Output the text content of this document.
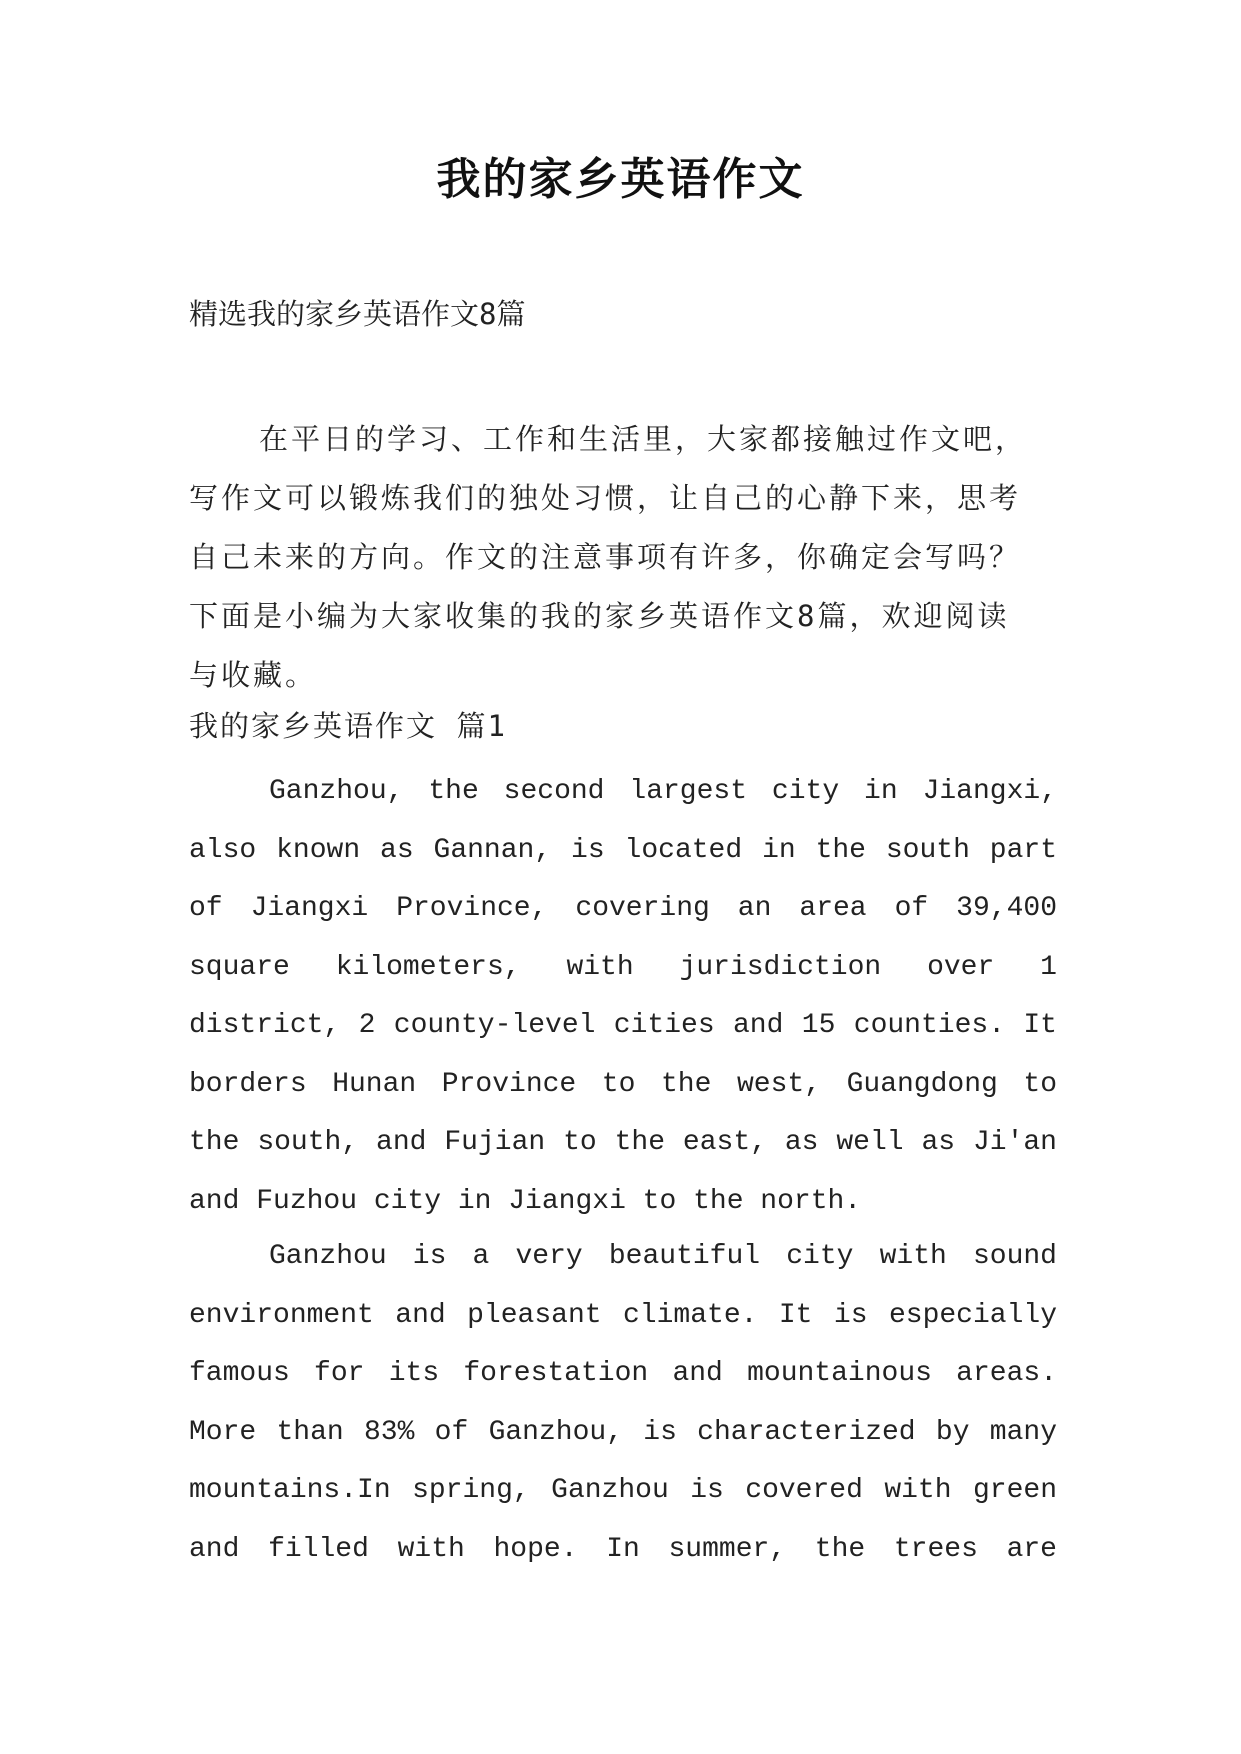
我的家乡英语作文
精选我的家乡英语作文8篇
在平日的学习、工作和生活里，大家都接触过作文吧，
写作文可以锻炼我们的独处习惯，让自己的心静下来，思考
自己未来的方向。作文的注意事项有许多，你确定会写吗？
下面是小编为大家收集的我的家乡英语作文8篇，欢迎阅读
与收藏。
我的家乡英语作文 篇1
Ganzhou, the second largest city in Jiangxi,
also known as Gannan, is located in the south part
of Jiangxi Province, covering an area of 39,400
square kilometers, with jurisdiction over 1
district, 2 county-level cities and 15 counties. It
borders Hunan Province to the west, Guangdong to
the south, and Fujian to the east, as well as Ji'an
and Fuzhou city in Jiangxi to the north.
Ganzhou is a very beautiful city with sound
environment and pleasant climate. It is especially
famous for its forestation and mountainous areas.
More than 83% of Ganzhou, is characterized by many
mountains.In spring, Ganzhou is covered with green
and filled with hope. In summer, the trees are
